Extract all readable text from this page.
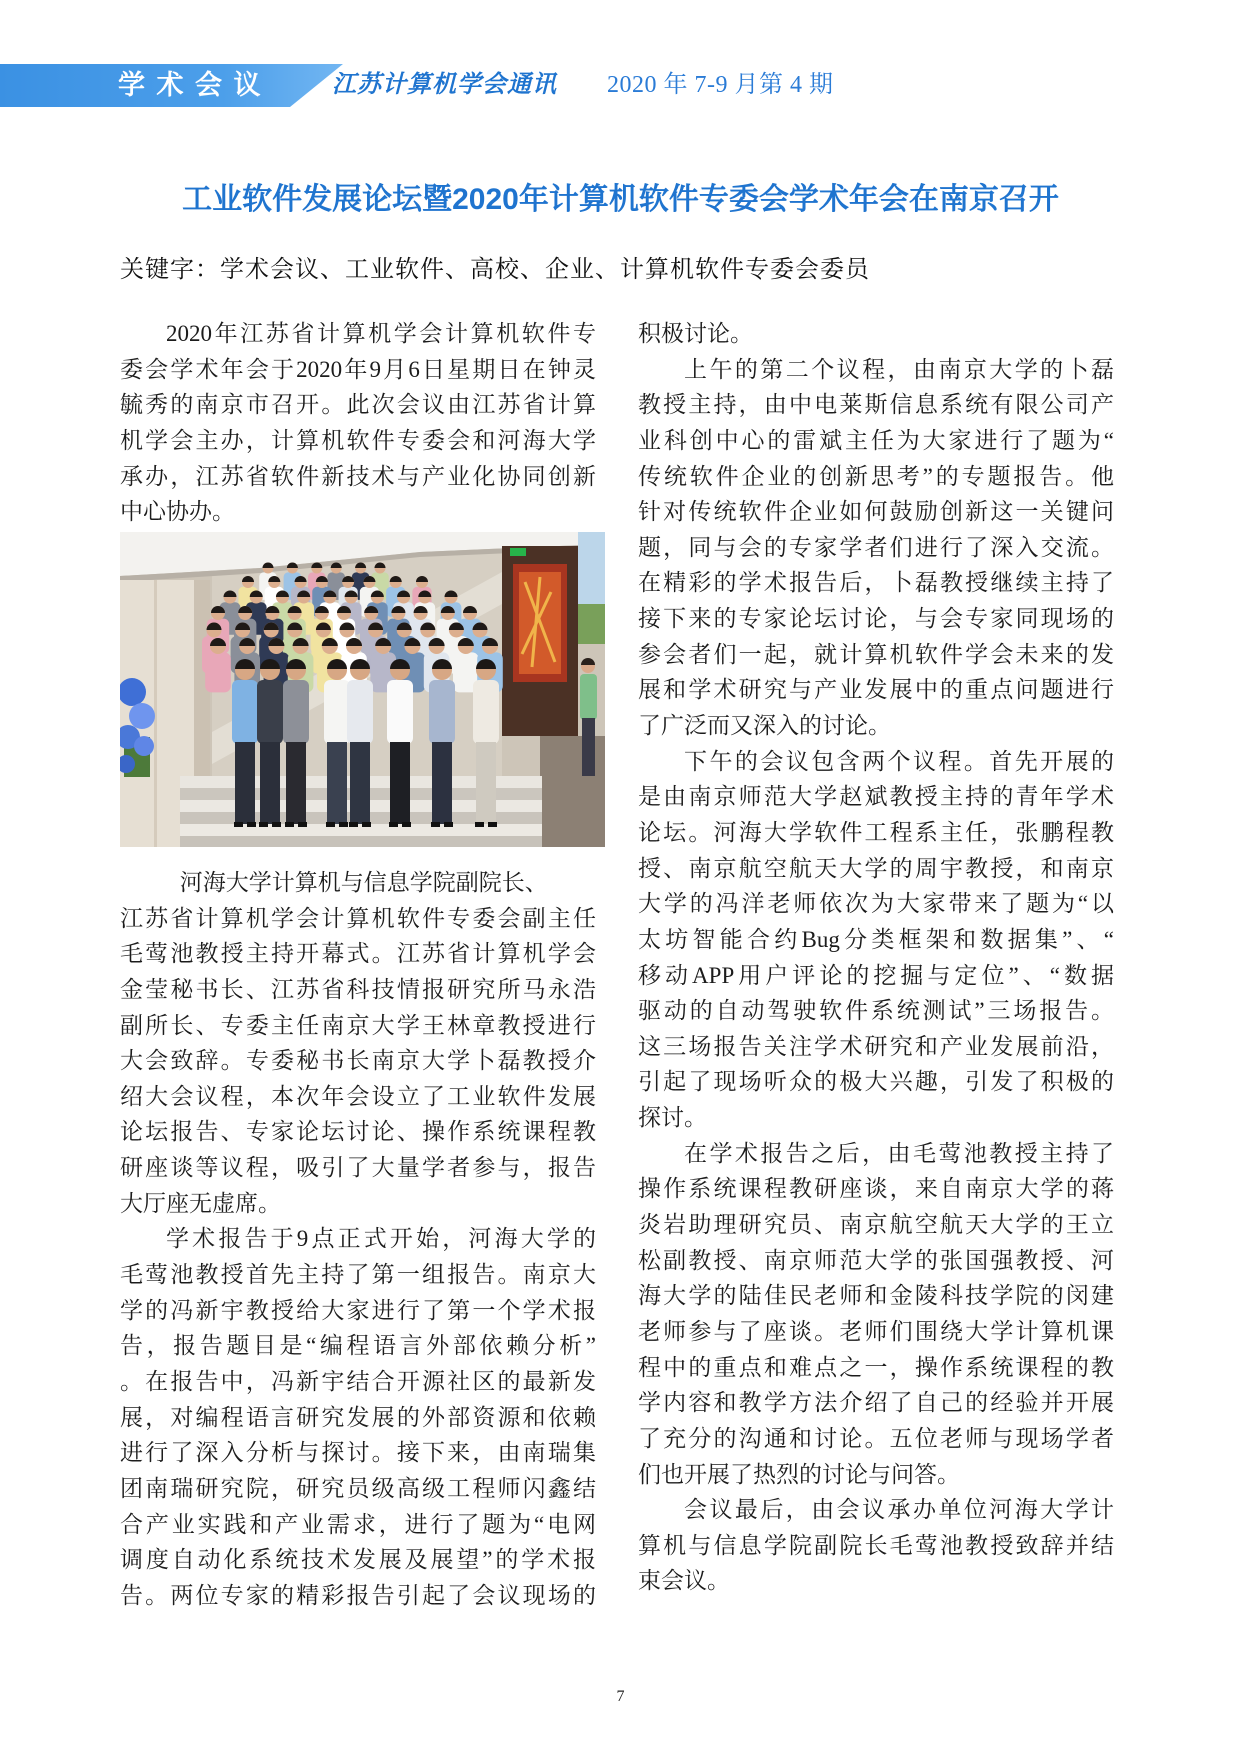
学 术 会 议	江苏计算机学会通讯 2020 年 7-9 月第 4 期
工业软件发展论坛暨2020年计算机软件专委会学术年会在南京召开
关键字：学术会议、工业软件、高校、企业、计算机软件专委会委员
2020年江苏省计算机学会计算机软件专
委会学术年会于2020年9月6日星期日在钟灵
毓秀的南京市召开。此次会议由江苏省计算
机学会主办，计算机软件专委会和河海大学
承办，江苏省软件新技术与产业化协同创新
中心协办。
河海大学计算机与信息学院副院长、
江苏省计算机学会计算机软件专委会副主任
毛莺池教授主持开幕式。江苏省计算机学会
金莹秘书长、江苏省科技情报研究所马永浩
副所长、专委主任南京大学王林章教授进行
大会致辞。专委秘书长南京大学卜磊教授介
绍大会议程，本次年会设立了工业软件发展
论坛报告、专家论坛讨论、操作系统课程教
研座谈等议程，吸引了大量学者参与，报告
大厅座无虚席。
学术报告于9点正式开始，河海大学的
毛莺池教授首先主持了第一组报告。南京大
学的冯新宇教授给大家进行了第一个学术报
告，报告题目是“编程语言外部依赖分析”
。在报告中，冯新宇结合开源社区的最新发
展，对编程语言研究发展的外部资源和依赖
进行了深入分析与探讨。接下来，由南瑞集
团南瑞研究院，研究员级高级工程师闪鑫结
合产业实践和产业需求，进行了题为“电网
调度自动化系统技术发展及展望”的学术报
告。两位专家的精彩报告引起了会议现场的
积极讨论。
上午的第二个议程，由南京大学的卜磊
教授主持，由中电莱斯信息系统有限公司产
业科创中心的雷斌主任为大家进行了题为“
传统软件企业的创新思考”的专题报告。他
针对传统软件企业如何鼓励创新这一关键问
题，同与会的专家学者们进行了深入交流。
在精彩的学术报告后，卜磊教授继续主持了
接下来的专家论坛讨论，与会专家同现场的
参会者们一起，就计算机软件学会未来的发
展和学术研究与产业发展中的重点问题进行
了广泛而又深入的讨论。
下午的会议包含两个议程。首先开展的
是由南京师范大学赵斌教授主持的青年学术
论坛。河海大学软件工程系主任，张鹏程教
授、南京航空航天大学的周宇教授，和南京
大学的冯洋老师依次为大家带来了题为“以
太坊智能合约Bug分类框架和数据集”、“
移动APP用户评论的挖掘与定位”、“数据
驱动的自动驾驶软件系统测试”三场报告。
这三场报告关注学术研究和产业发展前沿，
引起了现场听众的极大兴趣，引发了积极的
探讨。
在学术报告之后，由毛莺池教授主持了
操作系统课程教研座谈，来自南京大学的蒋
炎岩助理研究员、南京航空航天大学的王立
松副教授、南京师范大学的张国强教授、河
海大学的陆佳民老师和金陵科技学院的闵建
老师参与了座谈。老师们围绕大学计算机课
程中的重点和难点之一，操作系统课程的教
学内容和教学方法介绍了自己的经验并开展
了充分的沟通和讨论。五位老师与现场学者
们也开展了热烈的讨论与问答。
会议最后，由会议承办单位河海大学计
算机与信息学院副院长毛莺池教授致辞并结
束会议。
7
